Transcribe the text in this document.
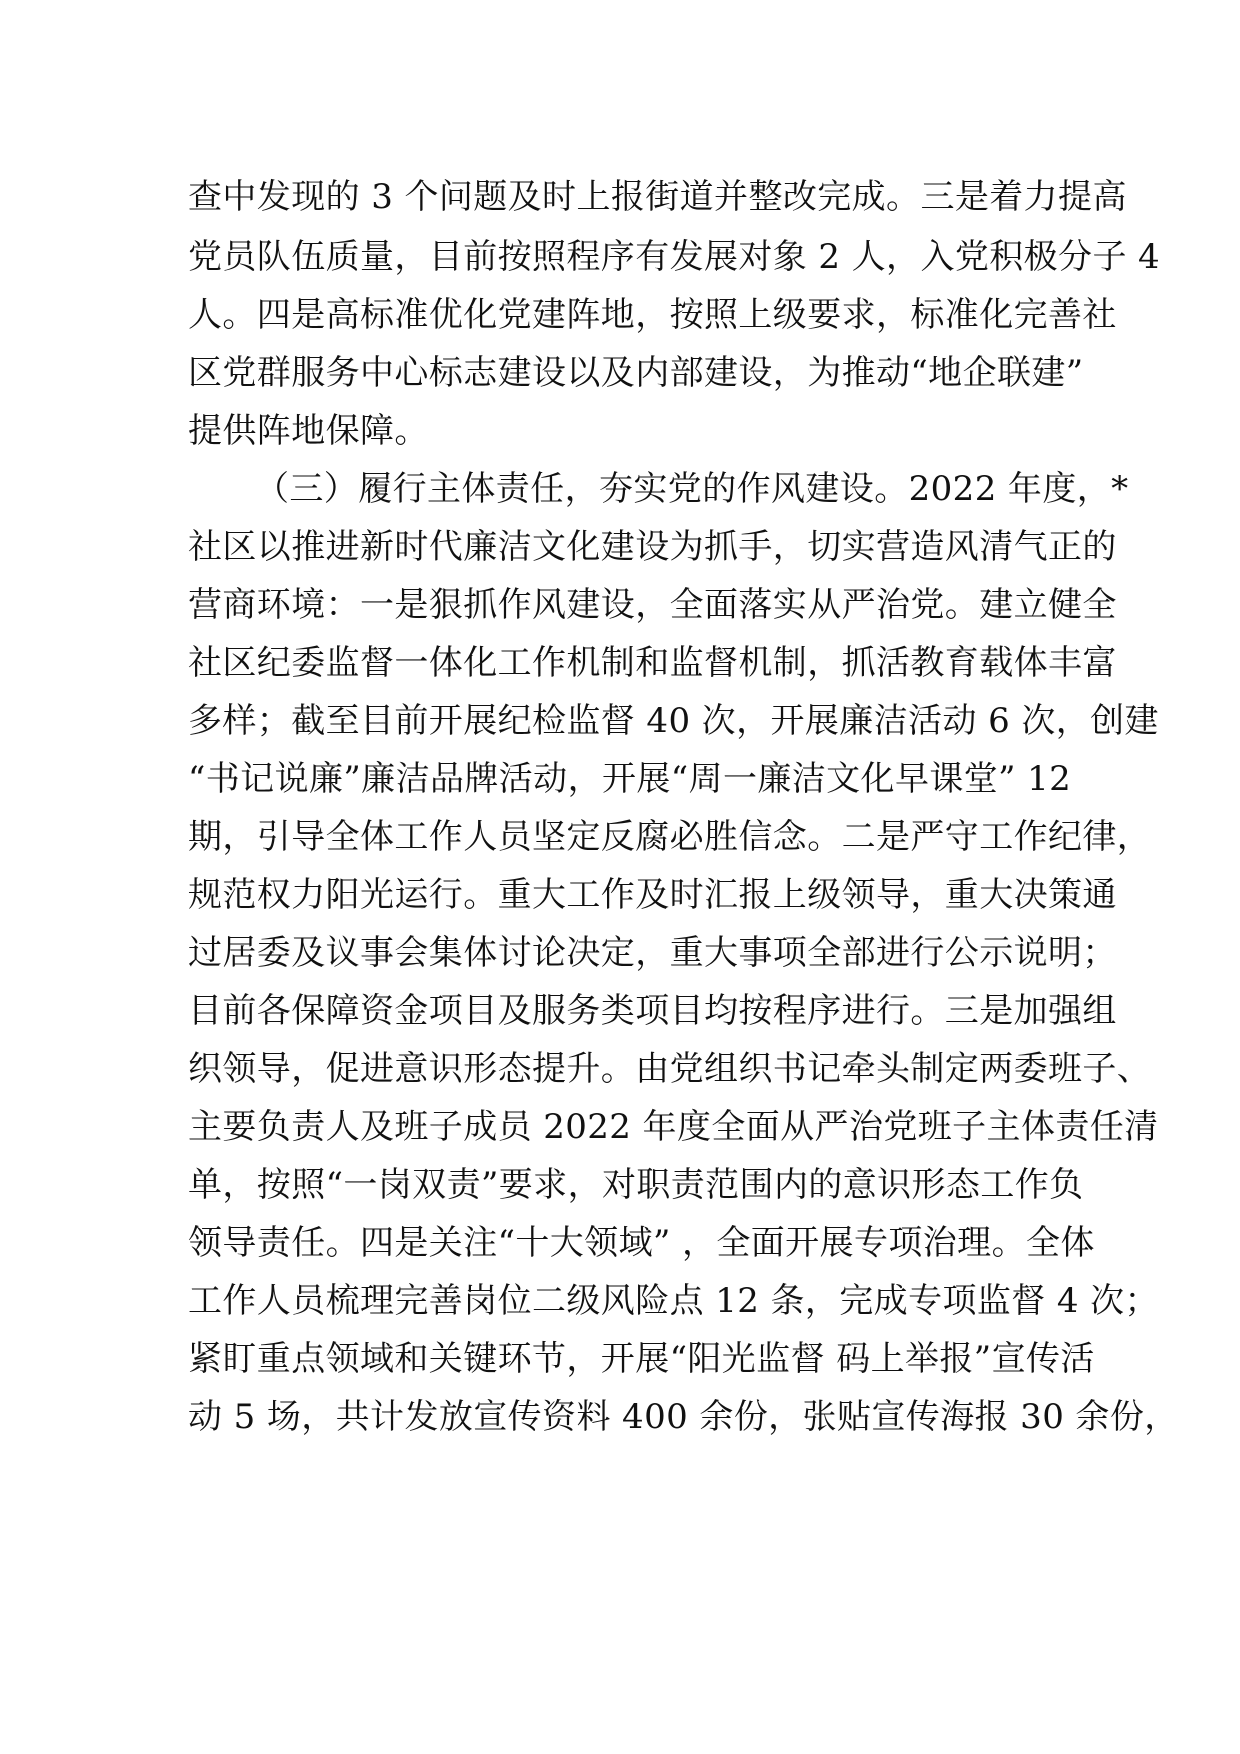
查中发现的 3 个问题及时上报街道并整改完成。三是着力提高
党员队伍质量，目前按照程序有发展对象 2 人，入党积极分子 4
人。四是高标准优化党建阵地，按照上级要求，标准化完善社
区党群服务中心标志建设以及内部建设，为推动“地企联建”
提供阵地保障。
（三）履行主体责任，夯实党的作风建设。2022 年度，*
社区以推进新时代廉洁文化建设为抓手，切实营造风清气正的
营商环境：一是狠抓作风建设，全面落实从严治党。建立健全
社区纪委监督一体化工作机制和监督机制，抓活教育载体丰富
多样；截至目前开展纪检监督 40 次，开展廉洁活动 6 次，创建
“书记说廉”廉洁品牌活动，开展“周一廉洁文化早课堂” 12
期，引导全体工作人员坚定反腐必胜信念。二是严守工作纪律，
规范权力阳光运行。重大工作及时汇报上级领导，重大决策通
过居委及议事会集体讨论决定，重大事项全部进行公示说明；
目前各保障资金项目及服务类项目均按程序进行。三是加强组
织领导，促进意识形态提升。由党组织书记牵头制定两委班子、
主要负责人及班子成员 2022 年度全面从严治党班子主体责任清
单，按照“一岗双责”要求，对职责范围内的意识形态工作负
领导责任。四是关注“十大领域” ，全面开展专项治理。全体
工作人员梳理完善岗位二级风险点 12 条，完成专项监督 4 次；
紧盯重点领域和关键环节，开展“阳光监督 码上举报”宣传活
动 5 场，共计发放宣传资料 400 余份，张贴宣传海报 30 余份，
